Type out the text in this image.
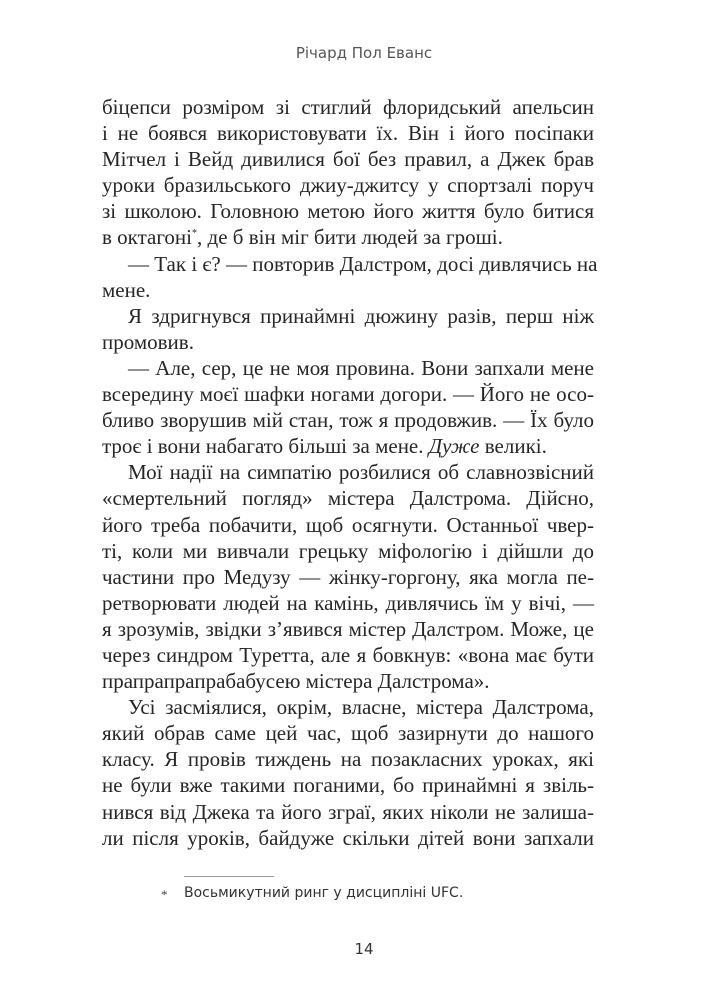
Річард Пол Еванс
біцепси розміром зі стиглий флоридський апельсин
і не боявся використовувати їх. Він і його посіпаки
Мітчел і Вейд дивилися бої без правил, а Джек брав
уроки бразильського джиу-джитсу у спортзалі поруч
зі школою. Головною метою його життя було битися
в октагоні*, де б він міг бити людей за гроші.
— Так і є? — повторив Далстром, досі дивлячись на
мене.
Я здригнувся принаймні дюжину разів, перш ніж
промовив.
— Але, сер, це не моя провина. Вони запхали мене
всередину моєї шафки ногами догори. — Його не осо-
бливо зворушив мій стан, тож я продовжив. — Їх було
троє і вони набагато більші за мене. Дуже великі.
Мої надії на симпатію розбилися об славнозвісний
«смертельний погляд» містера Далстрома. Дійсно,
його треба побачити, щоб осягнути. Останньої чвер-
ті, коли ми вивчали грецьку міфологію і дійшли до
частини про Медузу — жінку-горгону, яка могла пе-
ретворювати людей на камінь, дивлячись їм у вічі, —
я зрозумів, звідки з’явився містер Далстром. Може, це
через синдром Туретта, але я бовкнув: «вона має бути
прапрапрапрабабусею містера Далстрома».
Усі засміялися, окрім, власне, містера Далстрома,
який обрав саме цей час, щоб зазирнути до нашого
класу. Я провів тиждень на позакласних уроках, які
не були вже такими поганими, бо принаймні я звіль-
нився від Джека та його зграї, яких ніколи не залиша-
ли після уроків, байдуже скільки дітей вони запхали
* Восьмикутний ринг у дисципліні UFC.
14
